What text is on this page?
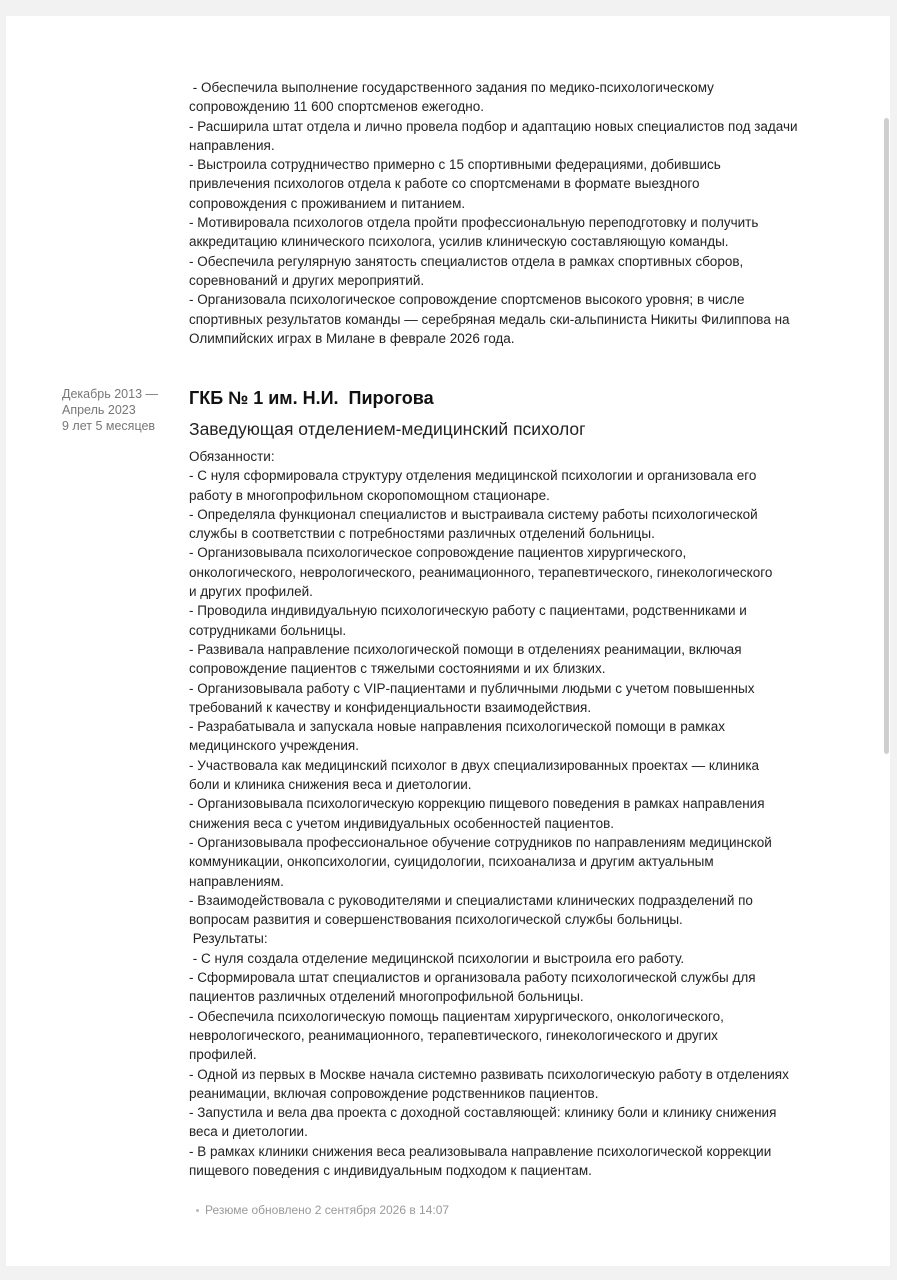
- Обеспечила выполнение государственного задания по медико-психологическому
сопровождению 11 600 спортсменов ежегодно.
- Расширила штат отдела и лично провела подбор и адаптацию новых специалистов под задачи
направления.
- Выстроила сотрудничество примерно с 15 спортивными федерациями, добившись
привлечения психологов отдела к работе со спортсменами в формате выездного
сопровождения с проживанием и питанием.
- Мотивировала психологов отдела пройти профессиональную переподготовку и получить
аккредитацию клинического психолога, усилив клиническую составляющую команды.
- Обеспечила регулярную занятость специалистов отдела в рамках спортивных сборов,
соревнований и других мероприятий.
- Организовала психологическое сопровождение спортсменов высокого уровня; в числе
спортивных результатов команды — серебряная медаль ски-альпиниста Никиты Филиппова на
Олимпийских играх в Милане в феврале 2026 года.
Декабрь 2013 — Апрель 2023
9 лет 5 месяцев
ГКБ № 1 им. Н.И.  Пирогова
Заведующая отделением-медицинский психолог
Обязанности:
- С нуля сформировала структуру отделения медицинской психологии и организовала его
работу в многопрофильном скоропомощном стационаре.
- Определяла функционал специалистов и выстраивала систему работы психологической
службы в соответствии с потребностями различных отделений больницы.
- Организовывала психологическое сопровождение пациентов хирургического,
онкологического, неврологического, реанимационного, терапевтического, гинекологического
и других профилей.
- Проводила индивидуальную психологическую работу с пациентами, родственниками и
сотрудниками больницы.
- Развивала направление психологической помощи в отделениях реанимации, включая
сопровождение пациентов с тяжелыми состояниями и их близких.
- Организовывала работу с VIP-пациентами и публичными людьми с учетом повышенных
требований к качеству и конфиденциальности взаимодействия.
- Разрабатывала и запускала новые направления психологической помощи в рамках
медицинского учреждения.
- Участвовала как медицинский психолог в двух специализированных проектах — клиника
боли и клиника снижения веса и диетологии.
- Организовывала психологическую коррекцию пищевого поведения в рамках направления
снижения веса с учетом индивидуальных особенностей пациентов.
- Организовывала профессиональное обучение сотрудников по направлениям медицинской
коммуникации, онкопсихологии, суицидологии, психоанализа и другим актуальным
направлениям.
- Взаимодействовала с руководителями и специалистами клинических подразделений по
вопросам развития и совершенствования психологической службы больницы.
Результаты:
- С нуля создала отделение медицинской психологии и выстроила его работу.
- Сформировала штат специалистов и организовала работу психологической службы для
пациентов различных отделений многопрофильной больницы.
- Обеспечила психологическую помощь пациентам хирургического, онкологического,
неврологического, реанимационного, терапевтического, гинекологического и других
профилей.
- Одной из первых в Москве начала системно развивать психологическую работу в отделениях
реанимации, включая сопровождение родственников пациентов.
- Запустила и вела два проекта с доходной составляющей: клинику боли и клинику снижения
веса и диетологии.
- В рамках клиники снижения веса реализовывала направление психологической коррекции
пищевого поведения с индивидуальным подходом к пациентам.
Резюме обновлено 2 сентября 2026 в 14:07
